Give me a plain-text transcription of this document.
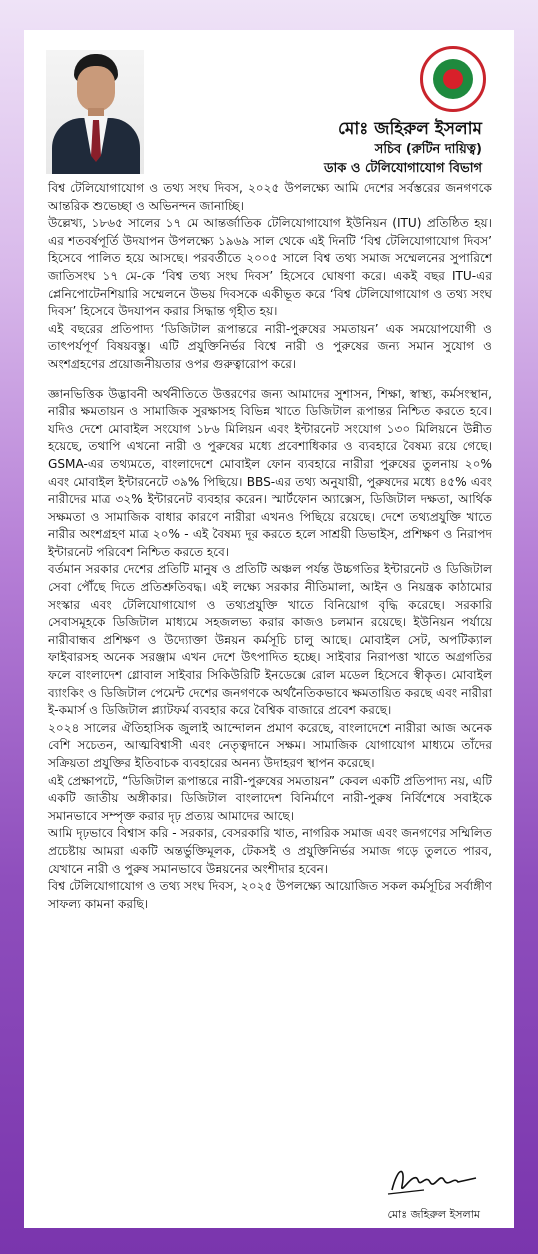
মোঃ জহিরুল ইসলাম
সচিব (রুটিন দায়িত্ব)
ডাক ও টেলিযোগাযোগ বিভাগ

বিশ্ব টেলিযোগাযোগ ও তথ্য সংঘ দিবস, ২০২৫ উপলক্ষ্যে আমি দেশের সর্বস্তরের জনগণকে আন্তরিক শুভেচ্ছা ও অভিনন্দন জানাচ্ছি।

উল্লেখ্য, ১৮৬৫ সালের ১৭ মে আন্তর্জাতিক টেলিযোগাযোগ ইউনিয়ন (ITU) প্রতিষ্ঠিত হয়। এর শতবর্ষপূর্তি উদযাপন উপলক্ষ্যে ১৯৬৯ সাল থেকে এই দিনটি ‘বিশ্ব টেলিযোগাযোগ দিবস’ হিসেবে পালিত হয়ে আসছে। পরবর্তীতে ২০০৫ সালে বিশ্ব তথ্য সমাজ সম্মেলনের সুপারিশে জাতিসংঘ ১৭ মে-কে ‘বিশ্ব তথ্য সংঘ দিবস’ হিসেবে ঘোষণা করে। একই বছর ITU-এর প্লেনিপোটেনশিয়ারি সম্মেলনে উভয় দিবসকে একীভূত করে ‘বিশ্ব টেলিযোগাযোগ ও তথ্য সংঘ দিবস’ হিসেবে উদযাপন করার সিদ্ধান্ত গৃহীত হয়।

এই বছরের প্রতিপাদ্য ‘ডিজিটাল রূপান্তরে নারী-পুরুষের সমতায়ন’ এক সময়োপযোগী ও তাৎপর্যপূর্ণ বিষয়বস্তু। এটি প্রযুক্তিনির্ভর বিশ্বে নারী ও পুরুষের জন্য সমান সুযোগ ও অংশগ্রহণের প্রয়োজনীয়তার ওপর গুরুত্বারোপ করে।

জ্ঞানভিত্তিক উদ্ভাবনী অর্থনীতিতে উত্তরণের জন্য আমাদের সুশাসন, শিক্ষা, স্বাস্থ্য, কর্মসংস্থান, নারীর ক্ষমতায়ন ও সামাজিক সুরক্ষাসহ বিভিন্ন খাতে ডিজিটাল রূপান্তর নিশ্চিত করতে হবে। যদিও দেশে মোবাইল সংযোগ ১৮৬ মিলিয়ন এবং ইন্টারনেট সংযোগ ১৩০ মিলিয়নে উন্নীত হয়েছে, তথাপি এখনো নারী ও পুরুষের মধ্যে প্রবেশাধিকার ও ব্যবহারে বৈষম্য রয়ে গেছে। GSMA-এর তথ্যমতে, বাংলাদেশে মোবাইল ফোন ব্যবহারে নারীরা পুরুষের তুলনায় ২০% এবং মোবাইল ইন্টারনেটে ৩৯% পিছিয়ে। BBS-এর তথ্য অনুযায়ী, পুরুষদের মধ্যে ৪৫% এবং নারীদের মাত্র ৩২% ইন্টারনেট ব্যবহার করেন। স্মার্টফোন অ্যাক্সেস, ডিজিটাল দক্ষতা, আর্থিক সক্ষমতা ও সামাজিক বাধার কারণে নারীরা এখনও পিছিয়ে রয়েছে। দেশে তথ্যপ্রযুক্তি খাতে নারীর অংশগ্রহণ মাত্র ২০% - এই বৈষম্য দূর করতে হলে সাশ্রয়ী ডিভাইস, প্রশিক্ষণ ও নিরাপদ ইন্টারনেট পরিবেশ নিশ্চিত করতে হবে।

বর্তমান সরকার দেশের প্রতিটি মানুষ ও প্রতিটি অঞ্চল পর্যন্ত উচ্চগতির ইন্টারনেট ও ডিজিটাল সেবা পৌঁছে দিতে প্রতিশ্রুতিবদ্ধ। এই লক্ষ্যে সরকার নীতিমালা, আইন ও নিয়ন্ত্রক কাঠামোর সংস্কার এবং টেলিযোগাযোগ ও তথ্যপ্রযুক্তি খাতে বিনিয়োগ বৃদ্ধি করেছে। সরকারি সেবাসমূহকে ডিজিটাল মাধ্যমে সহজলভ্য করার কাজও চলমান রয়েছে। ইউনিয়ন পর্যায়ে নারীবান্ধব প্রশিক্ষণ ও উদ্যোক্তা উন্নয়ন কর্মসূচি চালু আছে। মোবাইল সেট, অপটিক্যাল ফাইবারসহ অনেক সরঞ্জাম এখন দেশে উৎপাদিত হচ্ছে। সাইবার নিরাপত্তা খাতে অগ্রগতির ফলে বাংলাদেশ গ্লোবাল সাইবার সিকিউরিটি ইনডেক্সে রোল মডেল হিসেবে স্বীকৃত। মোবাইল ব্যাংকিং ও ডিজিটাল পেমেন্ট দেশের জনগণকে অর্থনৈতিকভাবে ক্ষমতায়িত করছে এবং নারীরা ই-কমার্স ও ডিজিটাল প্ল্যাটফর্ম ব্যবহার করে বৈশ্বিক বাজারে প্রবেশ করছে।

২০২৪ সালের ঐতিহাসিক জুলাই আন্দোলন প্রমাণ করেছে, বাংলাদেশে নারীরা আজ অনেক বেশি সচেতন, আত্মবিশ্বাসী এবং নেতৃত্বদানে সক্ষম। সামাজিক যোগাযোগ মাধ্যমে তাঁদের সক্রিয়তা প্রযুক্তির ইতিবাচক ব্যবহারের অনন্য উদাহরণ স্থাপন করেছে।

এই প্রেক্ষাপটে, “ডিজিটাল রূপান্তরে নারী-পুরুষের সমতায়ন” কেবল একটি প্রতিপাদ্য নয়, এটি একটি জাতীয় অঙ্গীকার। ডিজিটাল বাংলাদেশ বিনির্মাণে নারী-পুরুষ নির্বিশেষে সবাইকে সমানভাবে সম্পৃক্ত করার দৃঢ় প্রত্যয় আমাদের আছে।

আমি দৃঢ়ভাবে বিশ্বাস করি - সরকার, বেসরকারি খাত, নাগরিক সমাজ এবং জনগণের সম্মিলিত প্রচেষ্টায় আমরা একটি অন্তর্ভুক্তিমূলক, টেকসই ও প্রযুক্তিনির্ভর সমাজ গড়ে তুলতে পারব, যেখানে নারী ও পুরুষ সমানভাবে উন্নয়নের অংশীদার হবেন।

বিশ্ব টেলিযোগাযোগ ও তথ্য সংঘ দিবস, ২০২৫ উপলক্ষ্যে আয়োজিত সকল কর্মসূচির সর্বাঙ্গীণ সাফল্য কামনা করছি।

মোঃ জহিরুল ইসলাম
